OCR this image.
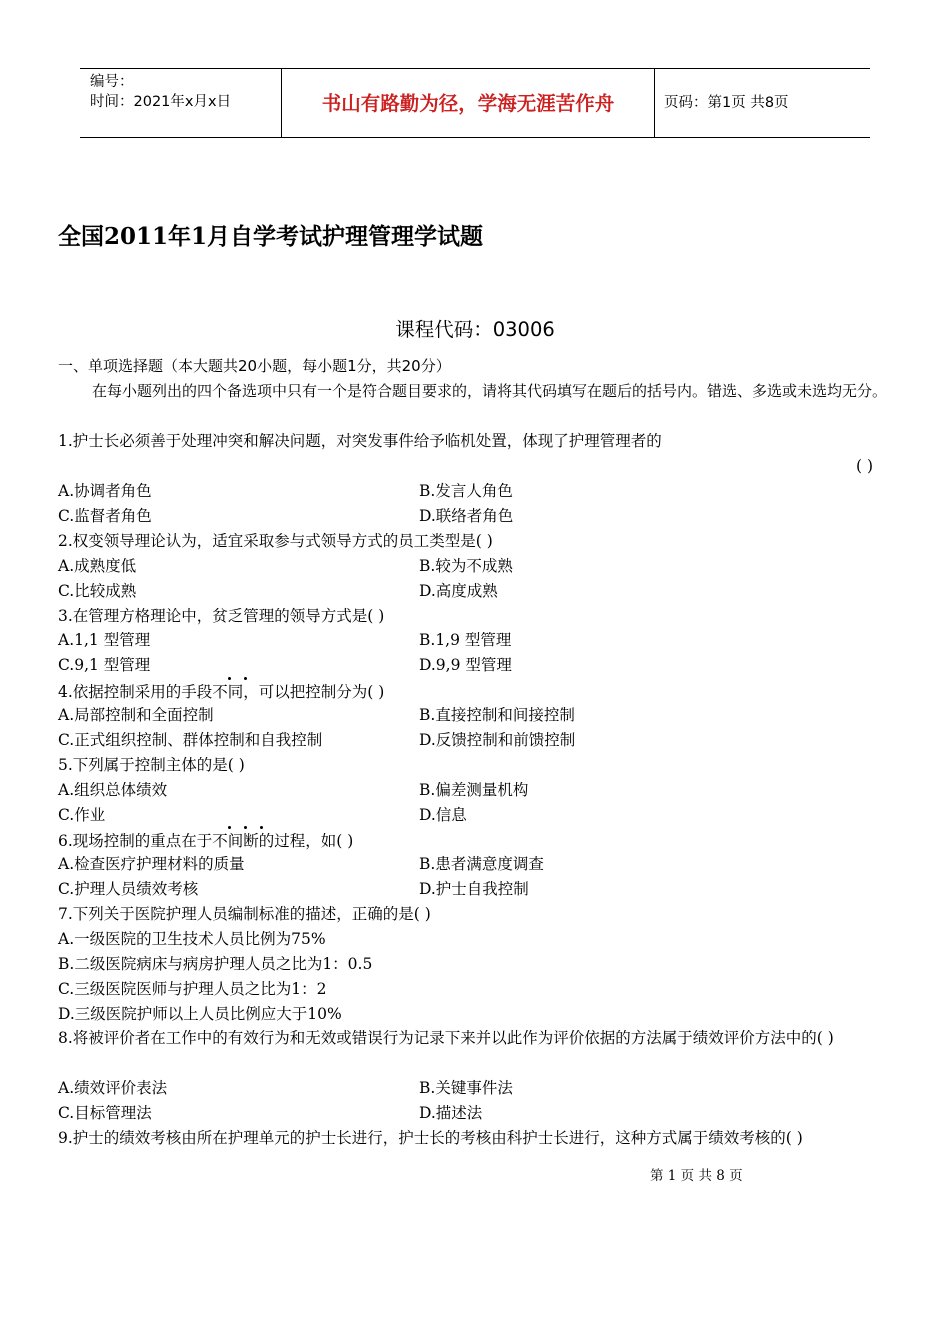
编号：
时间：2021年x月x日	书山有路勤为径，学海无涯苦作舟	页码：第1页 共8页
全国2011年1月自学考试护理管理学试题
课程代码：03006
一、单项选择题（本大题共20小题，每小题1分，共20分）
在每小题列出的四个备选项中只有一个是符合题目要求的，请将其代码填写在题后的括号内。错选、多选或未选均无分。
1.护士长必须善于处理冲突和解决问题，对突发事件给予临机处置，体现了护理管理者的
( )
A.协调者角色	B.发言人角色
C.监督者角色	D.联络者角色
2.权变领导理论认为，适宜采取参与式领导方式的员工类型是( )
A.成熟度低	B.较为不成熟
C.比较成熟	D.高度成熟
3.在管理方格理论中，贫乏管理的领导方式是( )
A.1,1 型管理	B.1,9 型管理
C.9,1 型管理	D.9,9 型管理
4.依据控制采用的手段不同，可以把控制分为( )
A.局部控制和全面控制	B.直接控制和间接控制
C.正式组织控制、群体控制和自我控制	D.反馈控制和前馈控制
5.下列属于控制主体的是( )
A.组织总体绩效	B.偏差测量机构
C.作业	D.信息
6.现场控制的重点在于不间断的过程，如( )
A.检查医疗护理材料的质量	B.患者满意度调查
C.护理人员绩效考核	D.护士自我控制
7.下列关于医院护理人员编制标准的描述，正确的是( )
A.一级医院的卫生技术人员比例为75%
B.二级医院病床与病房护理人员之比为1：0.5
C.三级医院医师与护理人员之比为1：2
D.三级医院护师以上人员比例应大于10%
8.将被评价者在工作中的有效行为和无效或错误行为记录下来并以此作为评价依据的方法属于绩效评价方法中的( )
A.绩效评价表法	B.关键事件法
C.目标管理法	D.描述法
9.护士的绩效考核由所在护理单元的护士长进行，护士长的考核由科护士长进行，这种方式属于绩效考核的( )
第 1 页 共 8 页
